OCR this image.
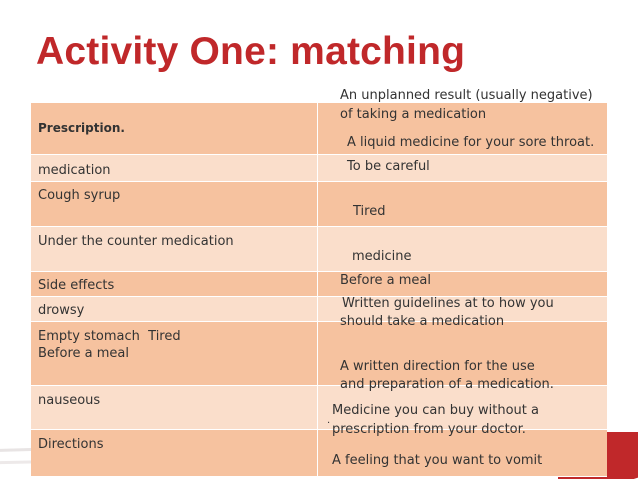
Activity One: matching
Prescription.
medication
Cough syrup
Under the counter medication
Side effects
drowsy
Empty stomach  Tired
Before a meal
nauseous
Directions
An unplanned result (usually negative)
of taking a medication
A liquid medicine for your sore throat.
To be careful
Tired
medicine
Before a meal
Written guidelines at to how you
should take a medication
A written direction for the use
and preparation of a medication.
Medicine you can buy without a
prescription from your doctor.
.
A feeling that you want to vomit
